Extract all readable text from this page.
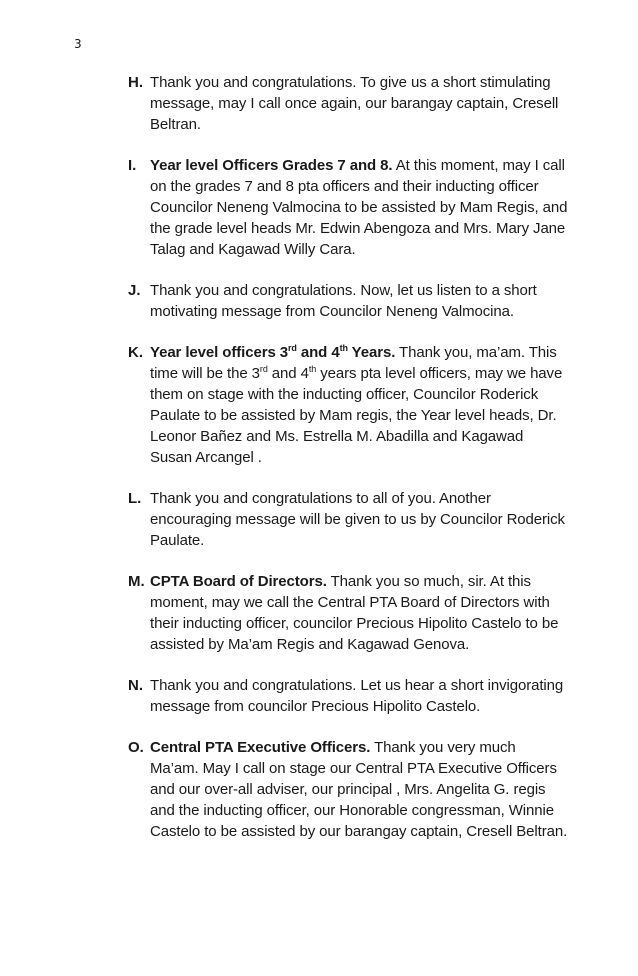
3
H. Thank you and congratulations. To give us a short stimulating message, may I call once again, our barangay captain, Cresell Beltran.
I. Year level Officers Grades 7 and 8. At this moment, may I call on the grades 7 and 8 pta officers and their inducting officer Councilor Neneng Valmocina to be assisted by Mam Regis, and the grade level heads Mr. Edwin Abengoza and Mrs. Mary Jane Talag and Kagawad Willy Cara.
J. Thank you and congratulations. Now, let us listen to a short motivating message from Councilor Neneng Valmocina.
K. Year level officers 3rd and 4th Years. Thank you, ma’am. This time will be the 3rd and 4th years pta level officers, may we have them on stage with the inducting officer, Councilor Roderick Paulate to be assisted by Mam regis, the Year level heads, Dr. Leonor Bañez and Ms. Estrella M. Abadilla and Kagawad Susan Arcangel .
L. Thank you and congratulations to all of you. Another encouraging message will be given to us by Councilor Roderick Paulate.
M. CPTA Board of Directors. Thank you so much, sir. At this moment, may we call the Central PTA Board of Directors with their inducting officer, councilor Precious Hipolito Castelo to be assisted by Ma’am Regis and Kagawad Genova.
N. Thank you and congratulations. Let us hear a short invigorating message from councilor Precious Hipolito Castelo.
O. Central PTA Executive Officers. Thank you very much Ma’am. May I call on stage our Central PTA Executive Officers and our over-all adviser, our principal , Mrs. Angelita G. regis and the inducting officer, our Honorable congressman, Winnie Castelo to be assisted by our barangay captain, Cresell Beltran.
